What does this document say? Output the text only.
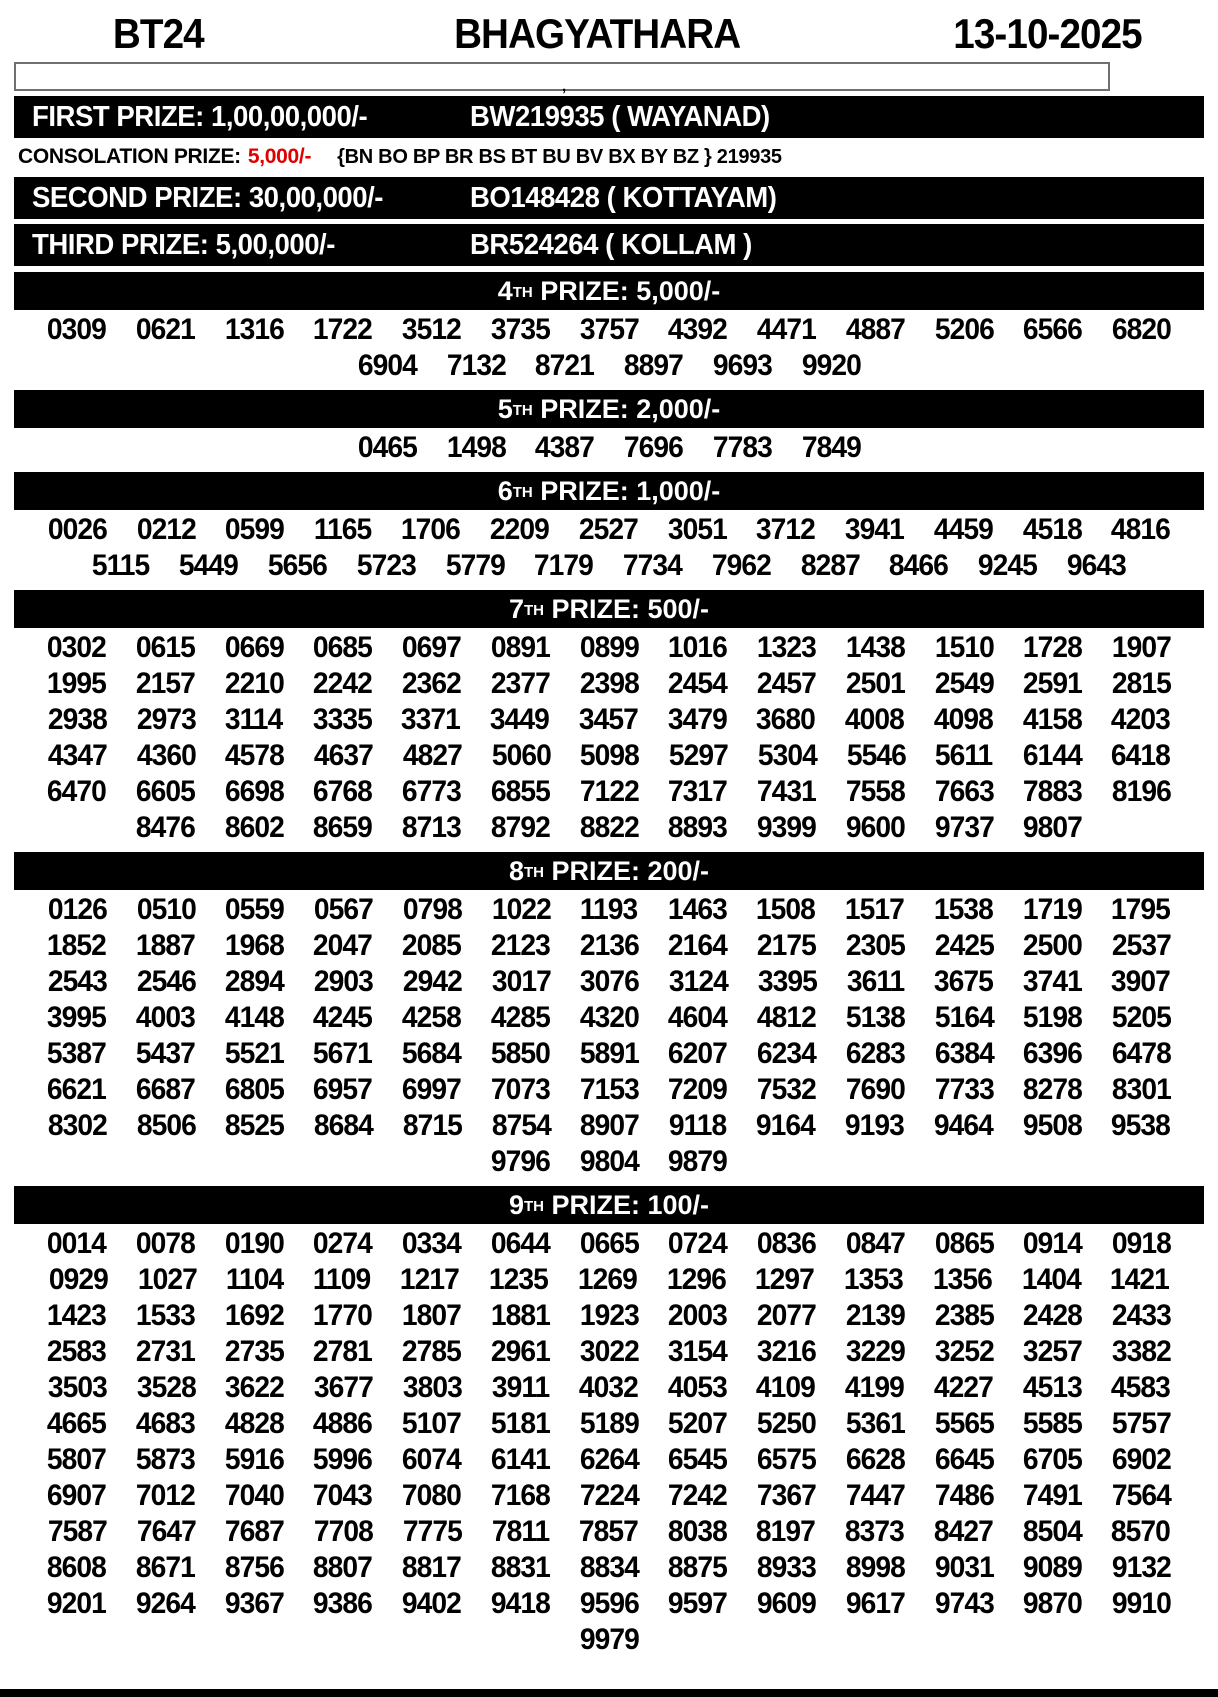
BT24	BHAGYATHARA	13-10-2025
,
FIRST PRIZE: 1,00,00,000/-	BW219935 ( WAYANAD)
CONSOLATION PRIZE: 5,000/- {BN BO BP BR BS BT BU BV BX BY BZ } 219935
SECOND PRIZE: 30,00,000/-	BO148428 ( KOTTAYAM)
THIRD PRIZE: 5,00,000/-	BR524264 ( KOLLAM )
4 TH PRIZE: 5,000/-
0309 0621 1316 1722 3512 3735 3757 4392 4471 4887 5206 6566 6820
6904 7132 8721 8897 9693 9920
5 TH PRIZE: 2,000/-
0465 1498 4387 7696 7783 7849
6 TH PRIZE: 1,000/-
0026 0212 0599 1165 1706 2209 2527 3051 3712 3941 4459 4518 4816
5115 5449 5656 5723 5779 7179 7734 7962 8287 8466 9245 9643
7 TH PRIZE: 500/-
0302 0615 0669 0685 0697 0891 0899 1016 1323 1438 1510 1728 1907
1995 2157 2210 2242 2362 2377 2398 2454 2457 2501 2549 2591 2815
2938 2973 3114 3335 3371 3449 3457 3479 3680 4008 4098 4158 4203
4347 4360 4578 4637 4827 5060 5098 5297 5304 5546 5611 6144 6418
6470 6605 6698 6768 6773 6855 7122 7317 7431 7558 7663 7883 8196
8476 8602 8659 8713 8792 8822 8893 9399 9600 9737 9807
8 TH PRIZE: 200/-
0126 0510 0559 0567 0798 1022 1193 1463 1508 1517 1538 1719 1795
1852 1887 1968 2047 2085 2123 2136 2164 2175 2305 2425 2500 2537
2543 2546 2894 2903 2942 3017 3076 3124 3395 3611 3675 3741 3907
3995 4003 4148 4245 4258 4285 4320 4604 4812 5138 5164 5198 5205
5387 5437 5521 5671 5684 5850 5891 6207 6234 6283 6384 6396 6478
6621 6687 6805 6957 6997 7073 7153 7209 7532 7690 7733 8278 8301
8302 8506 8525 8684 8715 8754 8907 9118 9164 9193 9464 9508 9538
9796 9804 9879
9 TH PRIZE: 100/-
0014 0078 0190 0274 0334 0644 0665 0724 0836 0847 0865 0914 0918
0929 1027 1104 1109 1217 1235 1269 1296 1297 1353 1356 1404 1421
1423 1533 1692 1770 1807 1881 1923 2003 2077 2139 2385 2428 2433
2583 2731 2735 2781 2785 2961 3022 3154 3216 3229 3252 3257 3382
3503 3528 3622 3677 3803 3911 4032 4053 4109 4199 4227 4513 4583
4665 4683 4828 4886 5107 5181 5189 5207 5250 5361 5565 5585 5757
5807 5873 5916 5996 6074 6141 6264 6545 6575 6628 6645 6705 6902
6907 7012 7040 7043 7080 7168 7224 7242 7367 7447 7486 7491 7564
7587 7647 7687 7708 7775 7811 7857 8038 8197 8373 8427 8504 8570
8608 8671 8756 8807 8817 8831 8834 8875 8933 8998 9031 9089 9132
9201 9264 9367 9386 9402 9418 9596 9597 9609 9617 9743 9870 9910
9979
